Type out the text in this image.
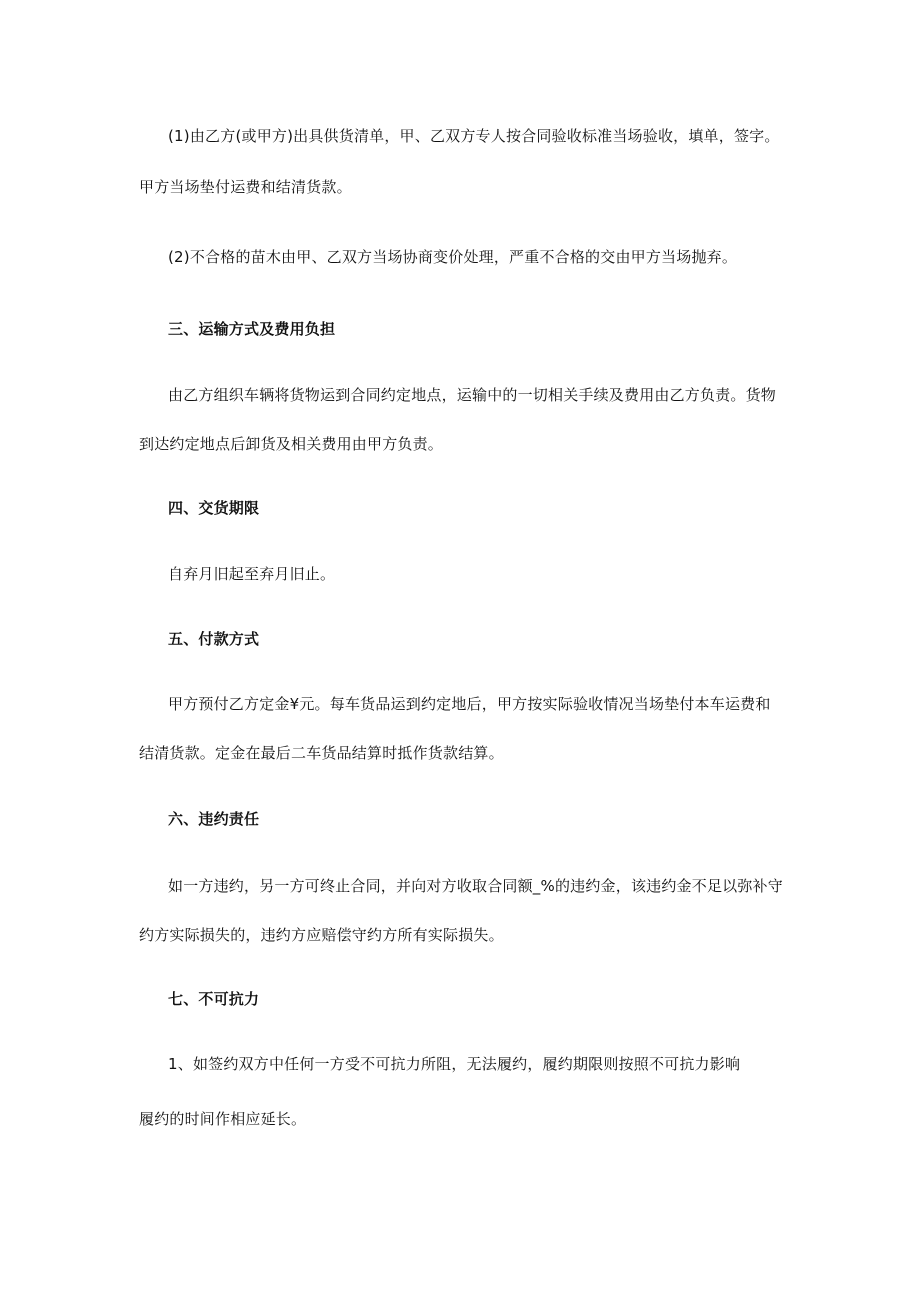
(1)由乙方(或甲方)出具供货清单，甲、乙双方专人按合同验收标准当场验收，填单，签字。
甲方当场垫付运费和结清货款。
(2)不合格的苗木由甲、乙双方当场协商变价处理，严重不合格的交由甲方当场抛弃。
三、运输方式及费用负担
由乙方组织车辆将货物运到合同约定地点，运输中的一切相关手续及费用由乙方负责。货物
到达约定地点后卸货及相关费用由甲方负责。
四、交货期限
自弃月旧起至弃月旧止。
五、付款方式
甲方预付乙方定金¥元。每车货品运到约定地后，甲方按实际验收情况当场垫付本车运费和
结清货款。定金在最后二车货品结算时抵作货款结算。
六、违约责任
如一方违约，另一方可终止合同，并向对方收取合同额_%的违约金，该违约金不足以弥补守
约方实际损失的，违约方应赔偿守约方所有实际损失。
七、不可抗力
1、如签约双方中任何一方受不可抗力所阻，无法履约，履约期限则按照不可抗力影响
履约的时间作相应延长。
